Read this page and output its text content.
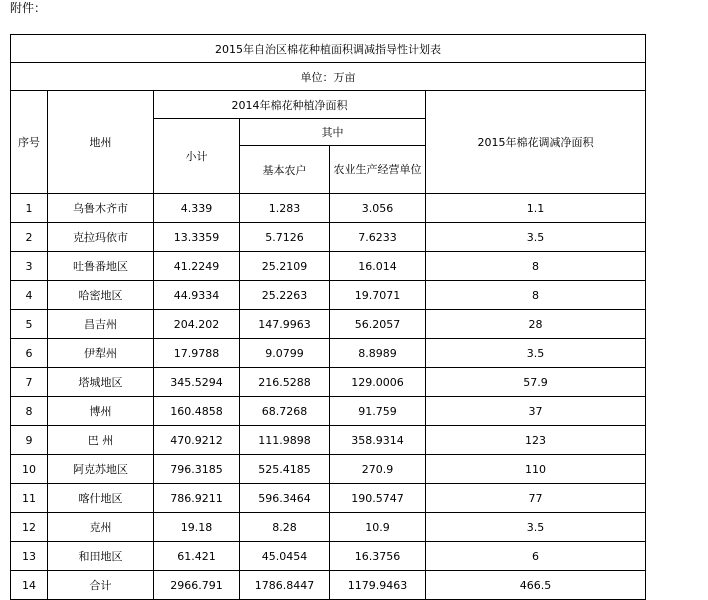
附件：
2015年自治区棉花种植面积调减指导性计划表					
单位：万亩					
序号	地州	2014年棉花种植净面积			2015年棉花调减净面积
		小计	其中		
			基本农户	农业生产经营单位	
1	乌鲁木齐市	4.339	1.283	3.056	1.1
2	克拉玛依市	13.3359	5.7126	7.6233	3.5
3	吐鲁番地区	41.2249	25.2109	16.014	8
4	哈密地区	44.9334	25.2263	19.7071	8
5	昌吉州	204.202	147.9963	56.2057	28
6	伊犁州	17.9788	9.0799	8.8989	3.5
7	塔城地区	345.5294	216.5288	129.0006	57.9
8	博州	160.4858	68.7268	91.759	37
9	巴 州	470.9212	111.9898	358.9314	123
10	阿克苏地区	796.3185	525.4185	270.9	110
11	喀什地区	786.9211	596.3464	190.5747	77
12	克州	19.18	8.28	10.9	3.5
13	和田地区	61.421	45.0454	16.3756	6
14	合计	2966.791	1786.8447	1179.9463	466.5
